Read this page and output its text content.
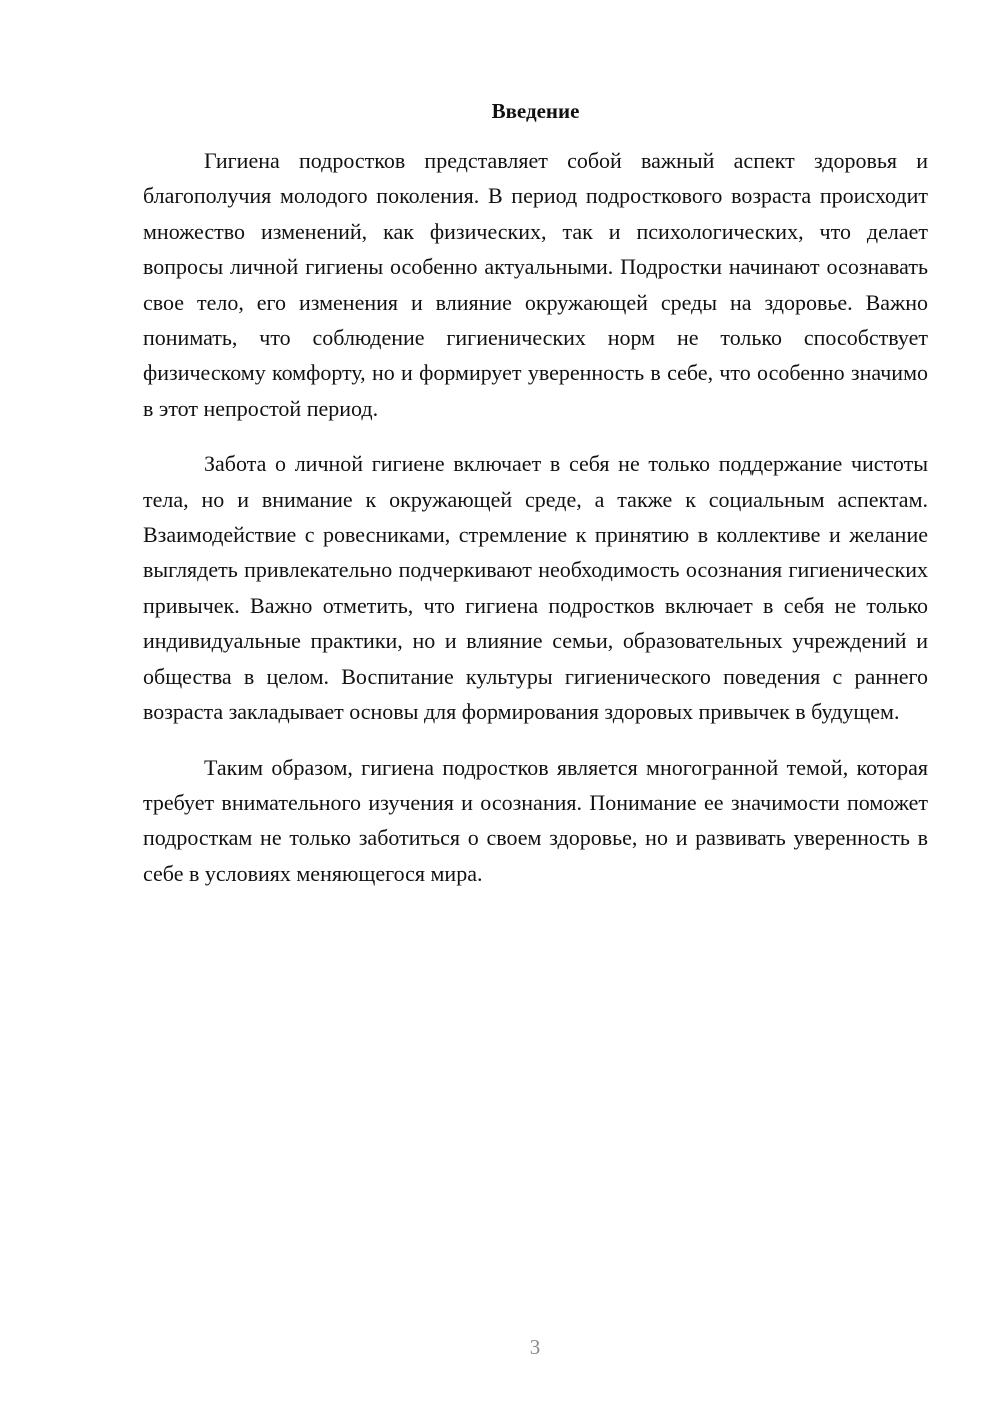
Введение

Гигиена подростков представляет собой важный аспект здоровья и благополучия молодого поколения. В период подросткового возраста происходит множество изменений, как физических, так и психологических, что делает вопросы личной гигиены особенно актуальными. Подростки начинают осознавать свое тело, его изменения и влияние окружающей среды на здоровье. Важно понимать, что соблюдение гигиенических норм не только способствует физическому комфорту, но и формирует уверенность в себе, что особенно значимо в этот непростой период.

Забота о личной гигиене включает в себя не только поддержание чистоты тела, но и внимание к окружающей среде, а также к социальным аспектам. Взаимодействие с ровесниками, стремление к принятию в коллективе и желание выглядеть привлекательно подчеркивают необходимость осознания гигиенических привычек. Важно отметить, что гигиена подростков включает в себя не только индивидуальные практики, но и влияние семьи, образовательных учреждений и общества в целом. Воспитание культуры гигиенического поведения с раннего возраста закладывает основы для формирования здоровых привычек в будущем.

Таким образом, гигиена подростков является многогранной темой, которая требует внимательного изучения и осознания. Понимание ее значимости поможет подросткам не только заботиться о своем здоровье, но и развивать уверенность в себе в условиях меняющегося мира.

3
